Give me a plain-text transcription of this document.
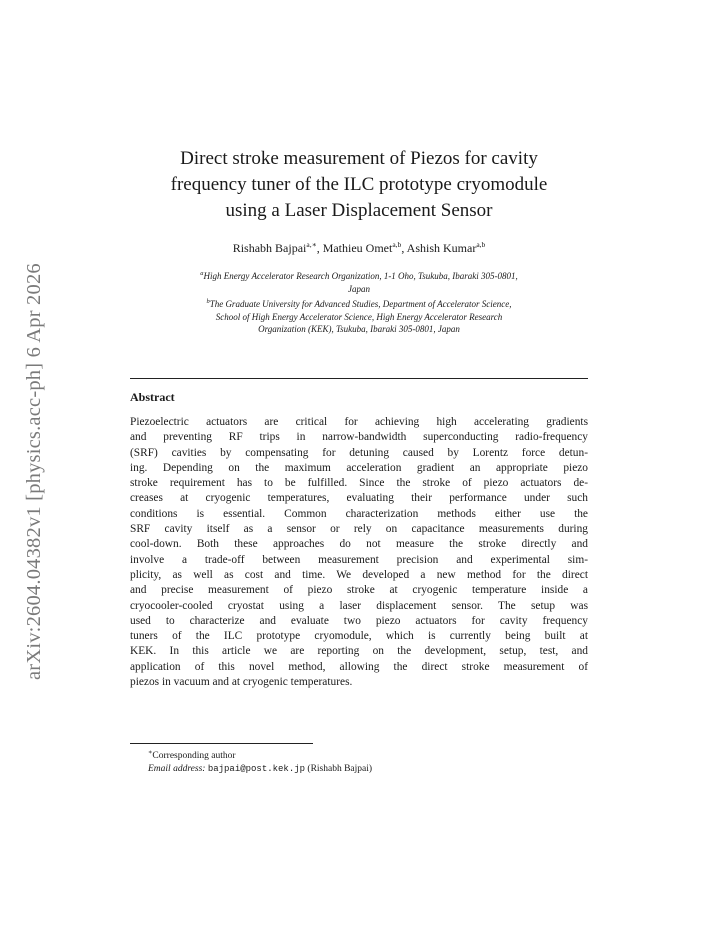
arXiv:2604.04382v1 [physics.acc-ph] 6 Apr 2026
Direct stroke measurement of Piezos for cavity
frequency tuner of the ILC prototype cryomodule
using a Laser Displacement Sensor
Rishabh Bajpai$^{a,∗}$, Mathieu Omet$^{a,b}$, Ashish Kumar$^{a,b}$
$^a$High Energy Accelerator Research Organization, 1-1 Oho, Tsukuba, Ibaraki 305-0801,
Japan
$^b$The Graduate University for Advanced Studies, Department of Accelerator Science,
School of High Energy Accelerator Science, High Energy Accelerator Research
Organization (KEK), Tsukuba, Ibaraki 305-0801, Japan
Abstract
Piezoelectric actuators are critical for achieving high accelerating gradients
and preventing RF trips in narrow-bandwidth superconducting radio-frequency
(SRF) cavities by compensating for detuning caused by Lorentz force detun-
ing. Depending on the maximum acceleration gradient an appropriate piezo
stroke requirement has to be fulfilled. Since the stroke of piezo actuators de-
creases at cryogenic temperatures, evaluating their performance under such
conditions is essential. Common characterization methods either use the
SRF cavity itself as a sensor or rely on capacitance measurements during
cool-down. Both these approaches do not measure the stroke directly and
involve a trade-off between measurement precision and experimental sim-
plicity, as well as cost and time. We developed a new method for the direct
and precise measurement of piezo stroke at cryogenic temperature inside a
cryocooler-cooled cryostat using a laser displacement sensor. The setup was
used to characterize and evaluate two piezo actuators for cavity frequency
tuners of the ILC prototype cryomodule, which is currently being built at
KEK. In this article we are reporting on the development, setup, test, and
application of this novel method, allowing the direct stroke measurement of
piezos in vacuum and at cryogenic temperatures.
∗Corresponding author
Email address: bajpai@post.kek.jp (Rishabh Bajpai)
